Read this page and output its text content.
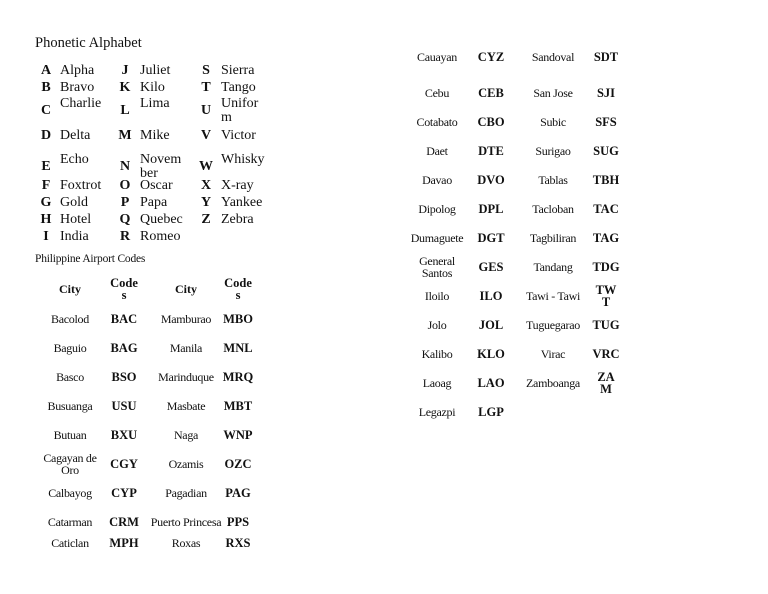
Phonetic Alphabet
A Alpha
B Bravo
C Charlie
D Delta
E Echo
F Foxtrot
G Gold
H Hotel
I India
J Juliet
K Kilo
L Lima
M Mike
N November
O Oscar
P Papa
Q Quebec
R Romeo
S Sierra
T Tango
U Uniform
V Victor
W Whisky
X X-ray
Y Yankee
Z Zebra
Philippine Airport Codes
City	Codes	City	Codes
Bacolod	BAC	Mamburao MBO
Baguio	BAG	Manila	MNL
Basco	BSO	Marinduque MRQ
Busuanga	USU	Masbate	MBT
Butuan	BXU	Naga	WNP
Cagayan de Oro	CGY	Ozamis	OZC
Calbayog	CYP	Pagadian	PAG
Catarman	CRM Puerto Princesa PPS
Caticlan	MPH	Roxas	RXS
Cauayan	CYZ	Sandoval	SDT
Cebu	CEB	San Jose	SJI
Cotabato	CBO	Subic	SFS
Daet	DTE	Surigao	SUG
Davao	DVO	Tablas	TBH
Dipolog	DPL	Tacloban	TAC
Dumaguete	DGT	Tagbiliran	TAG
General Santos	GES	Tandang	TDG
Iloilo	ILO	Tawi - Tawi	TWT
Jolo	JOL	Tuguegarao	TUG
Kalibo	KLO	Virac	VRC
Laoag	LAO	Zamboanga	ZAM
Legazpi	LGP
